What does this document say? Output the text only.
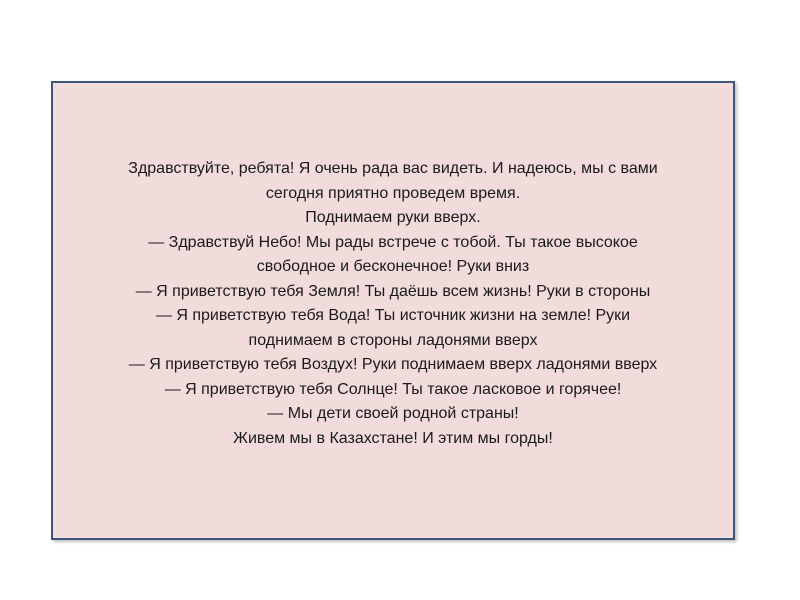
Здравствуйте, ребята! Я очень рада вас видеть. И надеюсь, мы с вами
сегодня приятно проведем время.
Поднимаем руки вверх.
— Здравствуй Небо! Мы рады встрече с тобой. Ты такое высокое
свободное и бесконечное! Руки вниз
— Я приветствую тебя Земля! Ты даёшь всем жизнь! Руки в стороны
— Я приветствую тебя Вода! Ты источник жизни на земле! Руки
поднимаем в стороны ладонями вверх
— Я приветствую тебя Воздух! Руки поднимаем вверх ладонями вверх
— Я приветствую тебя Солнце! Ты такое ласковое и горячее!
— Мы дети своей родной страны!
Живем мы в Казахстане! И этим мы горды!
